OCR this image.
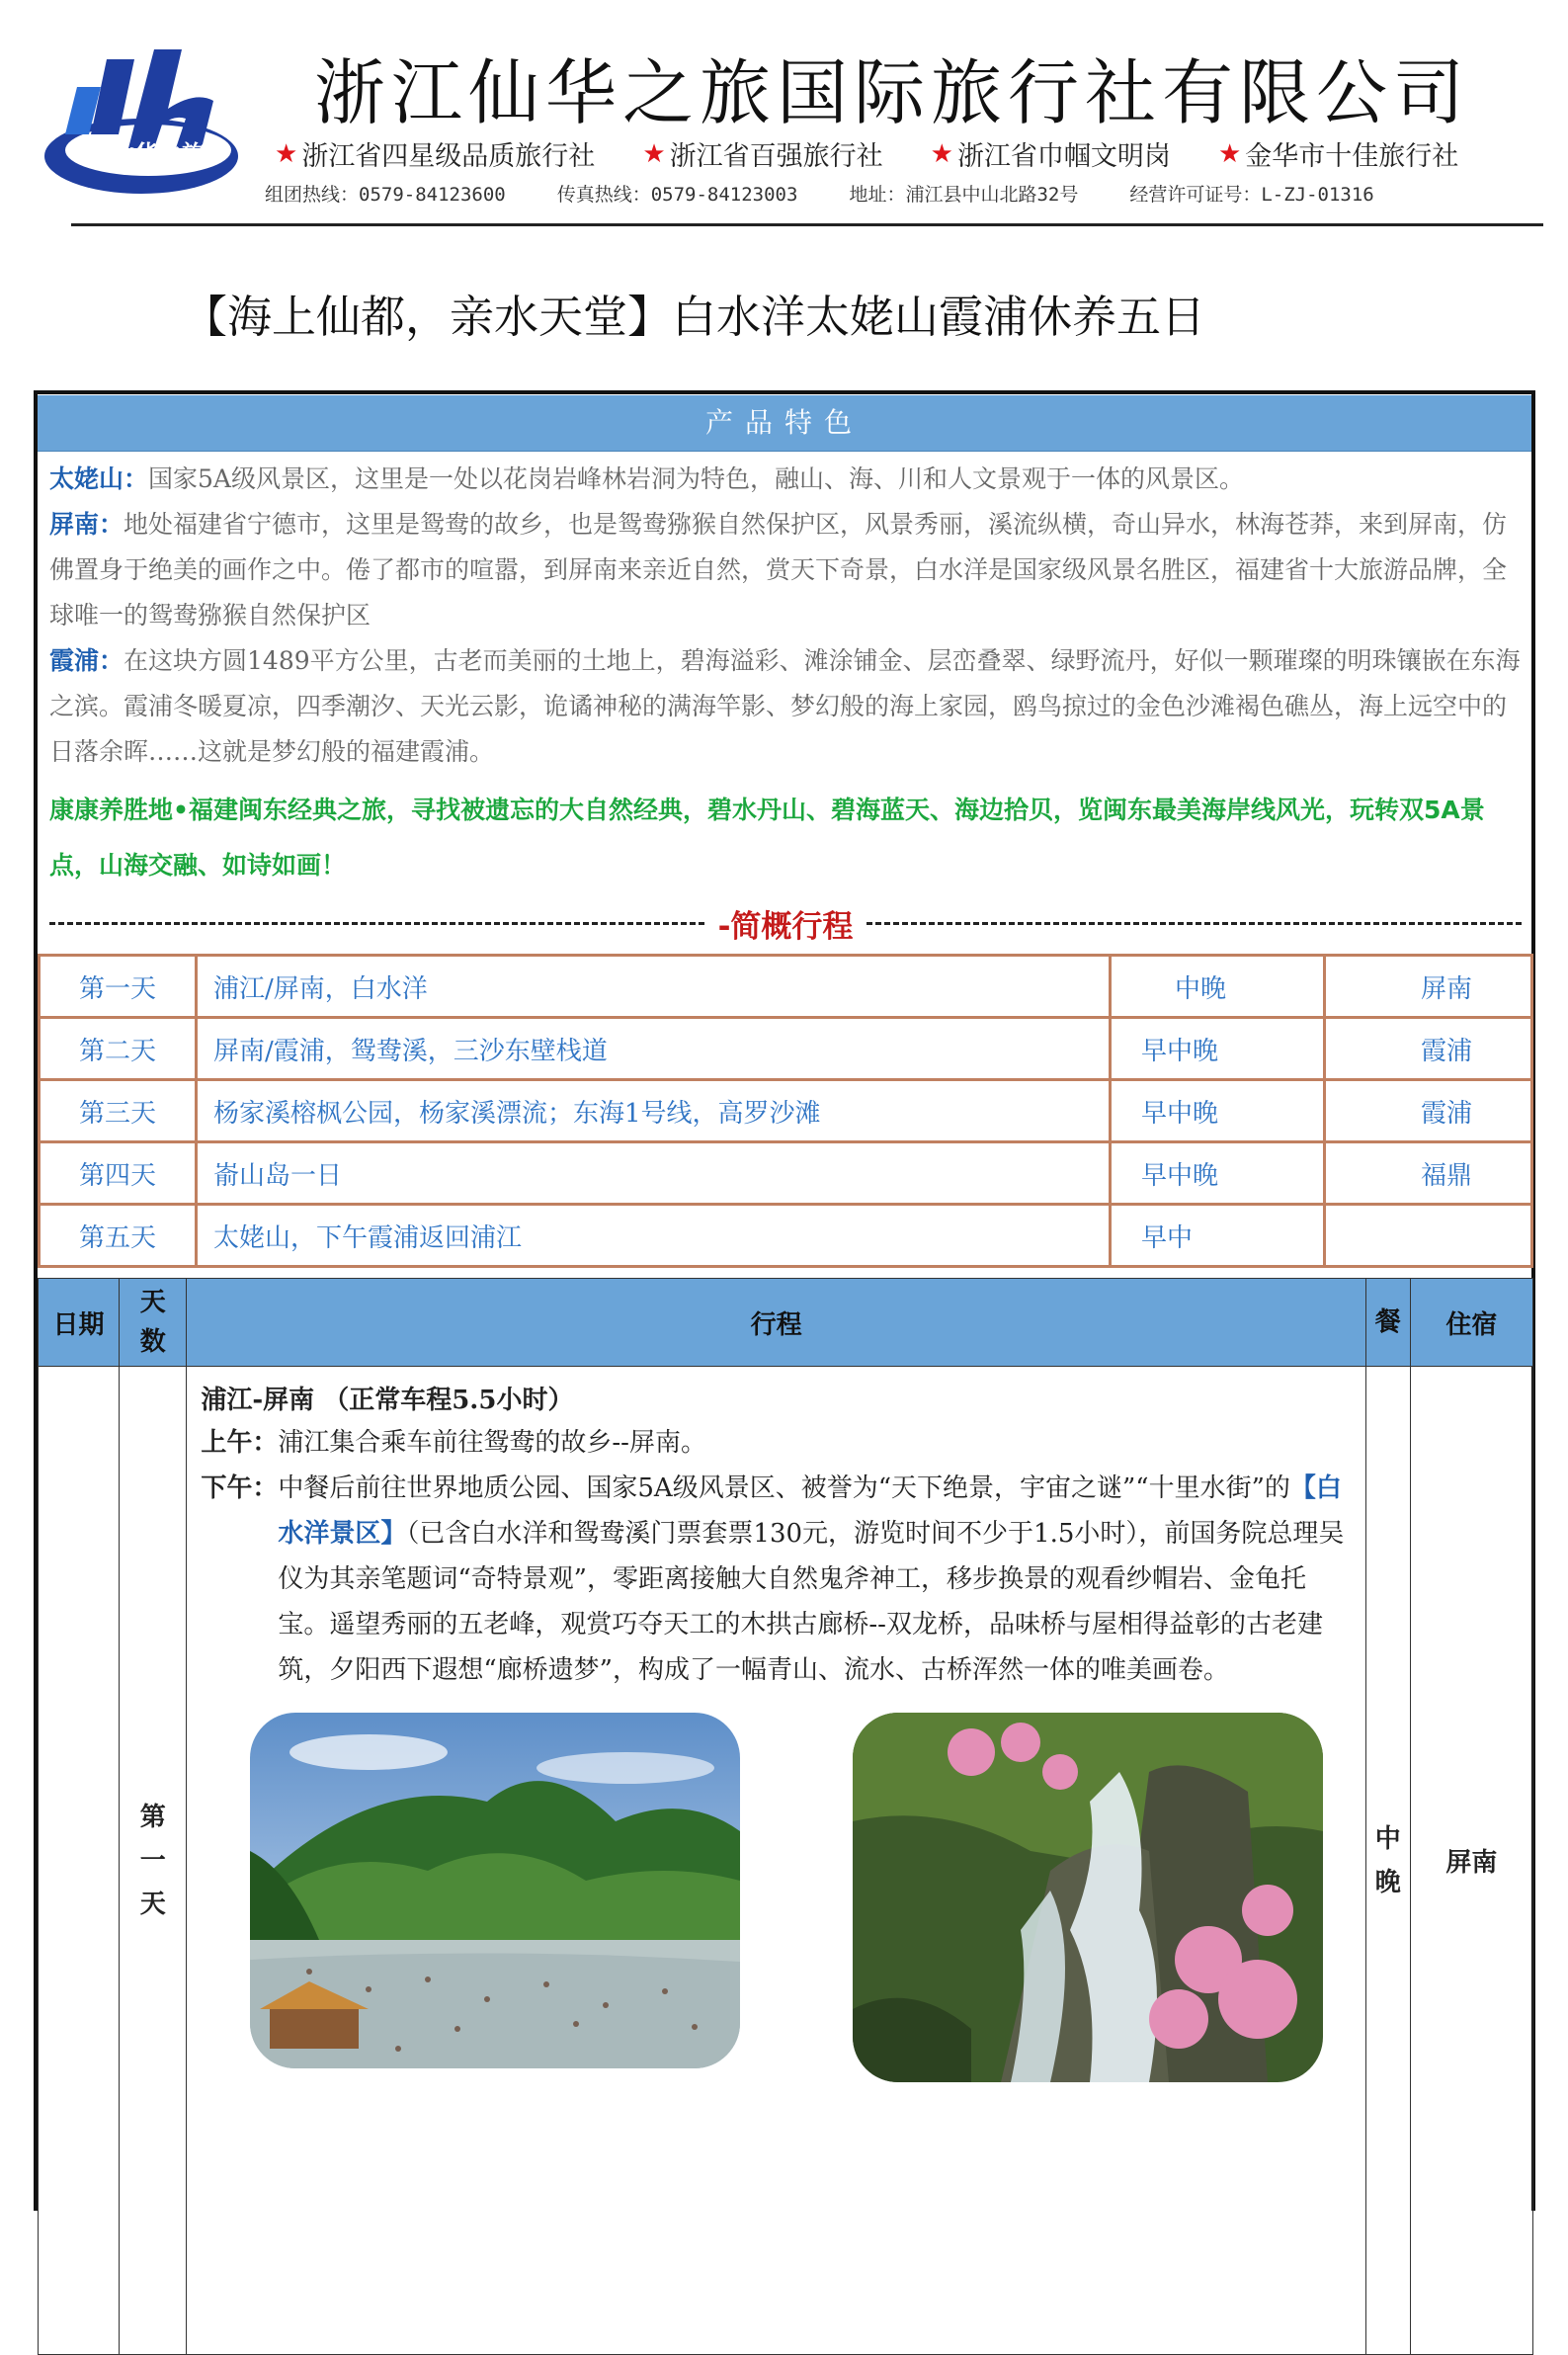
仙华之旅
浙江仙华之旅国际旅行社有限公司
★ 浙江省四星级品质旅行社 ★ 浙江省百强旅行社 ★ 浙江省巾帼文明岗 ★ 金华市十佳旅行社
组团热线：0579-84123600	传真热线：0579-84123003	地址：浦江县中山北路32号	经营许可证号：L-ZJ-01316
【海上仙都，亲水天堂】白水洋太姥山霞浦休养五日
产品特色

太姥山：国家5A级风景区，这里是一处以花岗岩峰林岩洞为特色，融山、海、川和人文景观于一体的风景区。

屏南：地处福建省宁德市，这里是鸳鸯的故乡，也是鸳鸯猕猴自然保护区，风景秀丽，溪流纵横，奇山异水，林海苍莽，来到屏南，仿佛置身于绝美的画作之中。倦了都市的喧嚣，到屏南来亲近自然，赏天下奇景，白水洋是国家级风景名胜区，福建省十大旅游品牌，全球唯一的鸳鸯猕猴自然保护区

霞浦：在这块方圆1489平方公里，古老而美丽的土地上，碧海溢彩、滩涂铺金、层峦叠翠、绿野流丹，好似一颗璀璨的明珠镶嵌在东海之滨。霞浦冬暖夏凉，四季潮汐、天光云影，诡谲神秘的满海竿影、梦幻般的海上家园，鸥鸟掠过的金色沙滩褐色礁丛，海上远空中的日落余晖……这就是梦幻般的福建霞浦。

康康养胜地•福建闽东经典之旅，寻找被遗忘的大自然经典，碧水丹山、碧海蓝天、海边拾贝，览闽东最美海岸线风光，玩转双5A景点，山海交融、如诗如画！
-简概行程
第一天	浦江/屏南，白水洋	中晚	屏南
第二天	屏南/霞浦，鸳鸯溪，三沙东壁栈道	早中晚	霞浦
第三天	杨家溪榕枫公园，杨家溪漂流；东海1号线，高罗沙滩	早中晚	霞浦
第四天	嵛山岛一日	早中晚	福鼎
第五天	太姥山，下午霞浦返回浦江	早中	
日期	天数	行程	餐	住宿
	第一天	浦江-屏南 （正常车程5.5小时）
上午： 浦江集合乘车前往鸳鸯的故乡--屏南。
下午： 中餐后前往世界地质公园、国家5A级风景区、被誉为“天下绝景，宇宙之谜”“十里水街”的【白水洋景区】（已含白水洋和鸳鸯溪门票套票130元，游览时间不少于1.5小时），前国务院总理吴仪为其亲笔题词“奇特景观”，零距离接触大自然鬼斧神工，移步换景的观看纱帽岩、金龟托宝。遥望秀丽的五老峰，观赏巧夺天工的木拱古廊桥--双龙桥，品味桥与屋相得益彰的古老建筑，夕阳西下遐想“廊桥遗梦”，构成了一幅青山、流水、古桥浑然一体的唯美画卷。	中晚	屏南
